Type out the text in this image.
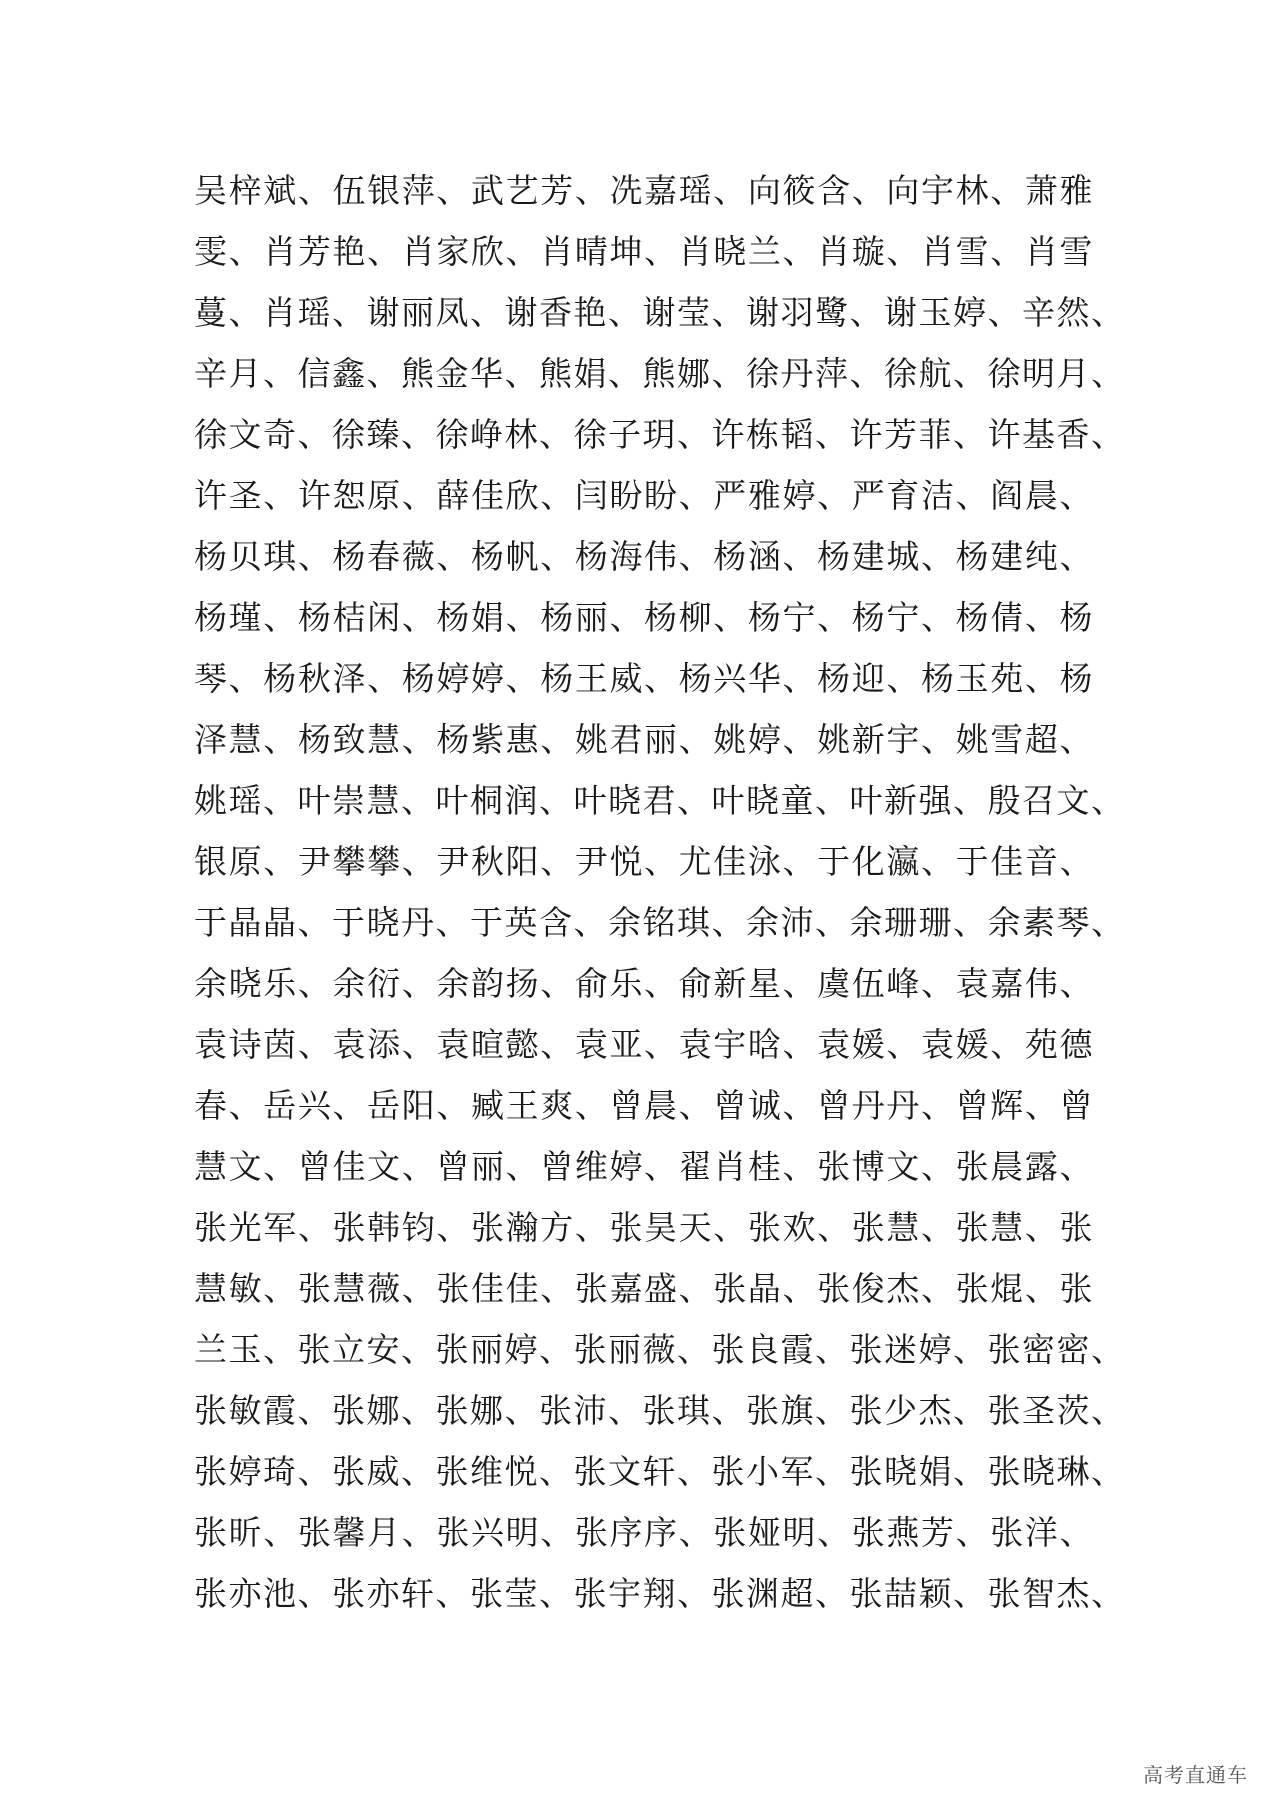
吴梓斌、伍银萍、武艺芳、冼嘉瑶、向筱含、向宇林、萧雅
雯、肖芳艳、肖家欣、肖晴坤、肖晓兰、肖璇、肖雪、肖雪
蔓、肖瑶、谢丽凤、谢香艳、谢莹、谢羽鹭、谢玉婷、辛然、
辛月、信鑫、熊金华、熊娟、熊娜、徐丹萍、徐航、徐明月、
徐文奇、徐臻、徐峥林、徐子玥、许栋韬、许芳菲、许基香、
许圣、许恕原、薛佳欣、闫盼盼、严雅婷、严育洁、阎晨、
杨贝琪、杨春薇、杨帆、杨海伟、杨涵、杨建城、杨建纯、
杨瑾、杨桔闲、杨娟、杨丽、杨柳、杨宁、杨宁、杨倩、杨
琴、杨秋泽、杨婷婷、杨王威、杨兴华、杨迎、杨玉苑、杨
泽慧、杨致慧、杨紫惠、姚君丽、姚婷、姚新宇、姚雪超、
姚瑶、叶崇慧、叶桐润、叶晓君、叶晓童、叶新强、殷召文、
银原、尹攀攀、尹秋阳、尹悦、尤佳泳、于化瀛、于佳音、
于晶晶、于晓丹、于英含、余铭琪、余沛、余珊珊、余素琴、
余晓乐、余衍、余韵扬、俞乐、俞新星、虞伍峰、袁嘉伟、
袁诗茵、袁添、袁暄懿、袁亚、袁宇晗、袁媛、袁媛、苑德
春、岳兴、岳阳、臧王爽、曾晨、曾诚、曾丹丹、曾辉、曾
慧文、曾佳文、曾丽、曾维婷、翟肖桂、张博文、张晨露、
张光军、张韩钧、张瀚方、张昊天、张欢、张慧、张慧、张
慧敏、张慧薇、张佳佳、张嘉盛、张晶、张俊杰、张焜、张
兰玉、张立安、张丽婷、张丽薇、张良霞、张迷婷、张密密、
张敏霞、张娜、张娜、张沛、张琪、张旗、张少杰、张圣茨、
张婷琦、张威、张维悦、张文轩、张小军、张晓娟、张晓琳、
张昕、张馨月、张兴明、张序序、张娅明、张燕芳、张洋、
张亦池、张亦轩、张莹、张宇翔、张渊超、张喆颖、张智杰、
高考直通车
